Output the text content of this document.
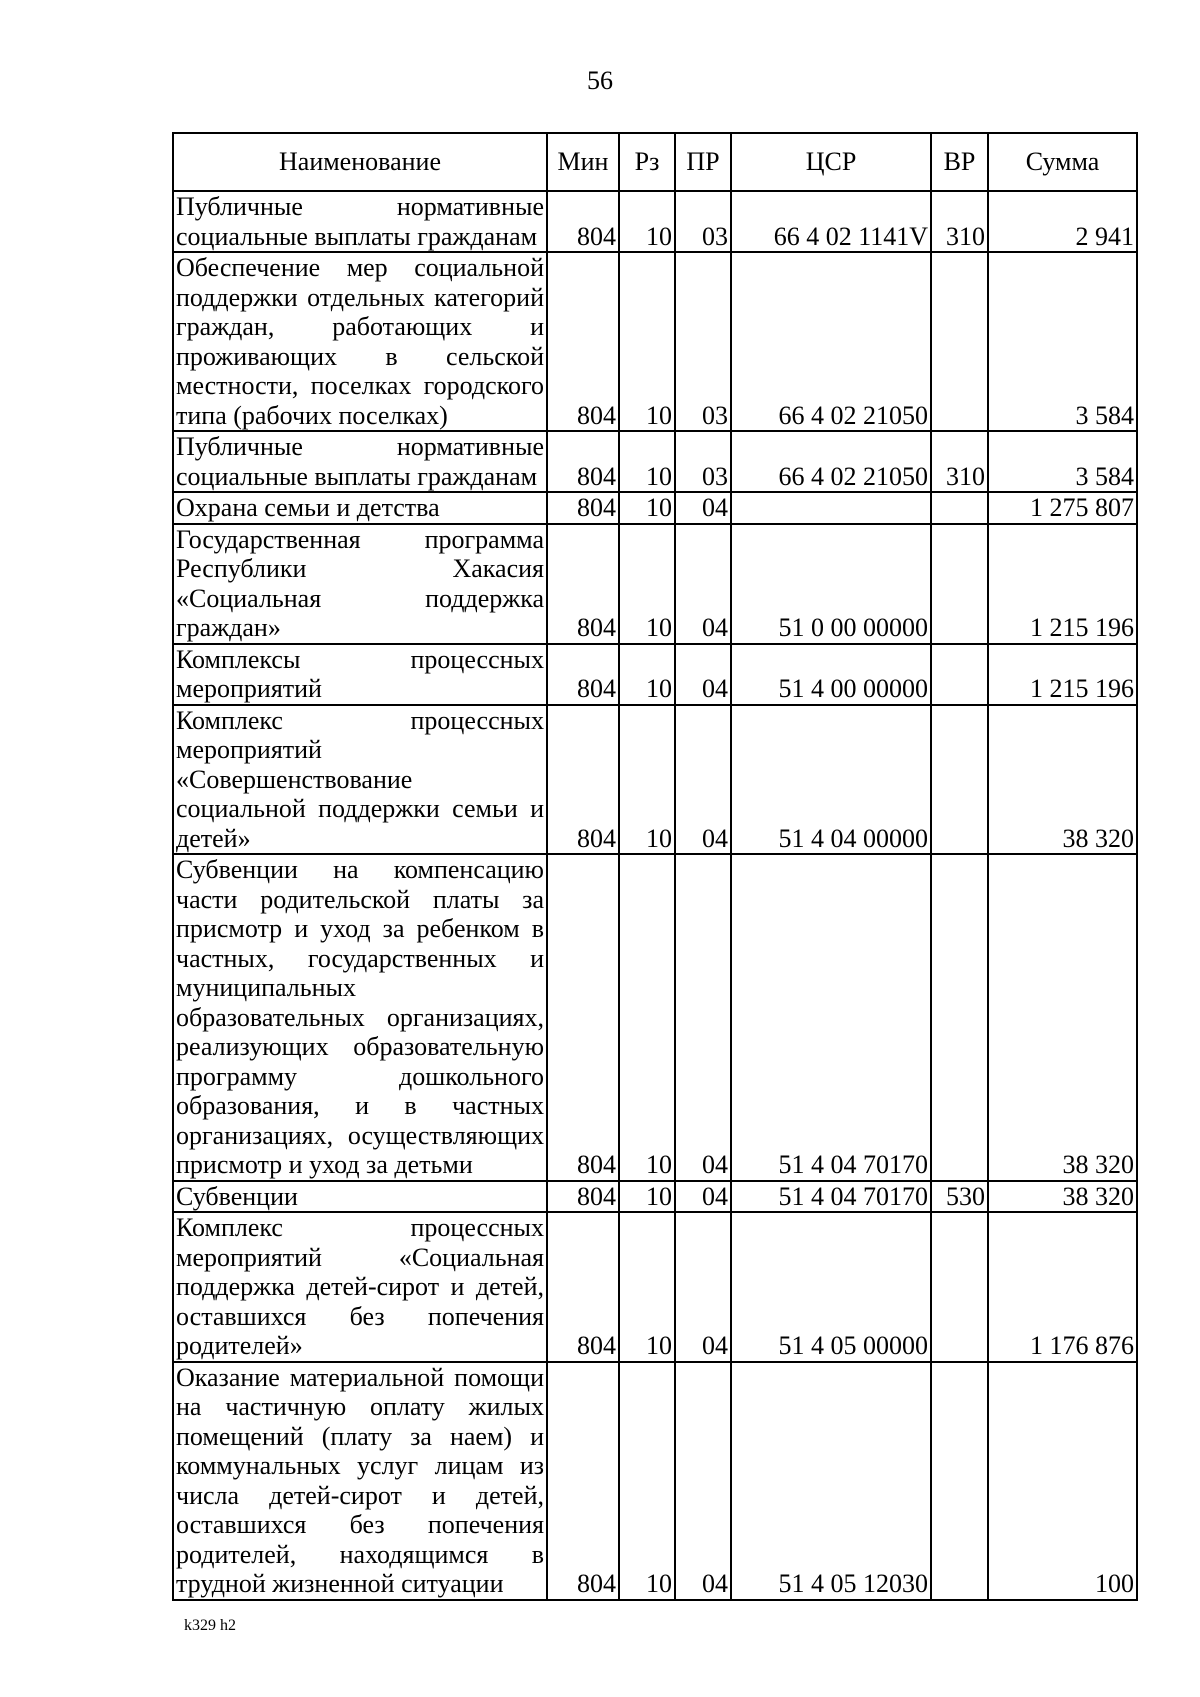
56
Наименование	Мин	Рз	ПР	ЦСР	ВР	Сумма
Публичные нормативные социальные выплаты гражданам	804	10	03	66 4 02 1141V	310	2 941
Обеспечение мер социальной поддержки отдельных категорий граждан, работающих и проживающих в сельской местности, поселках городского типа (рабочих поселках)	804	10	03	66 4 02 21050		3 584
Публичные нормативные социальные выплаты гражданам	804	10	03	66 4 02 21050	310	3 584
Охрана семьи и детства	804	10	04			1 275 807
Государственная программа Республики Хакасия «Социальная поддержка граждан»	804	10	04	51 0 00 00000		1 215 196
Комплексы процессных мероприятий	804	10	04	51 4 00 00000		1 215 196
Комплекс процессных мероприятий «Совершенствование социальной поддержки семьи и детей»	804	10	04	51 4 04 00000		38 320
Субвенции на компенсацию части родительской платы за присмотр и уход за ребенком в частных, государственных и муниципальных образовательных организациях, реализующих образовательную программу дошкольного образования, и в частных организациях, осуществляющих присмотр и уход за детьми	804	10	04	51 4 04 70170		38 320
Субвенции	804	10	04	51 4 04 70170	530	38 320
Комплекс процессных мероприятий «Социальная поддержка детей-сирот и детей, оставшихся без попечения родителей»	804	10	04	51 4 05 00000		1 176 876
Оказание материальной помощи на частичную оплату жилых помещений (плату за наем) и коммунальных услуг лицам из числа детей-сирот и детей, оставшихся без попечения родителей, находящимся в трудной жизненной ситуации	804	10	04	51 4 05 12030		100
k329 h2
